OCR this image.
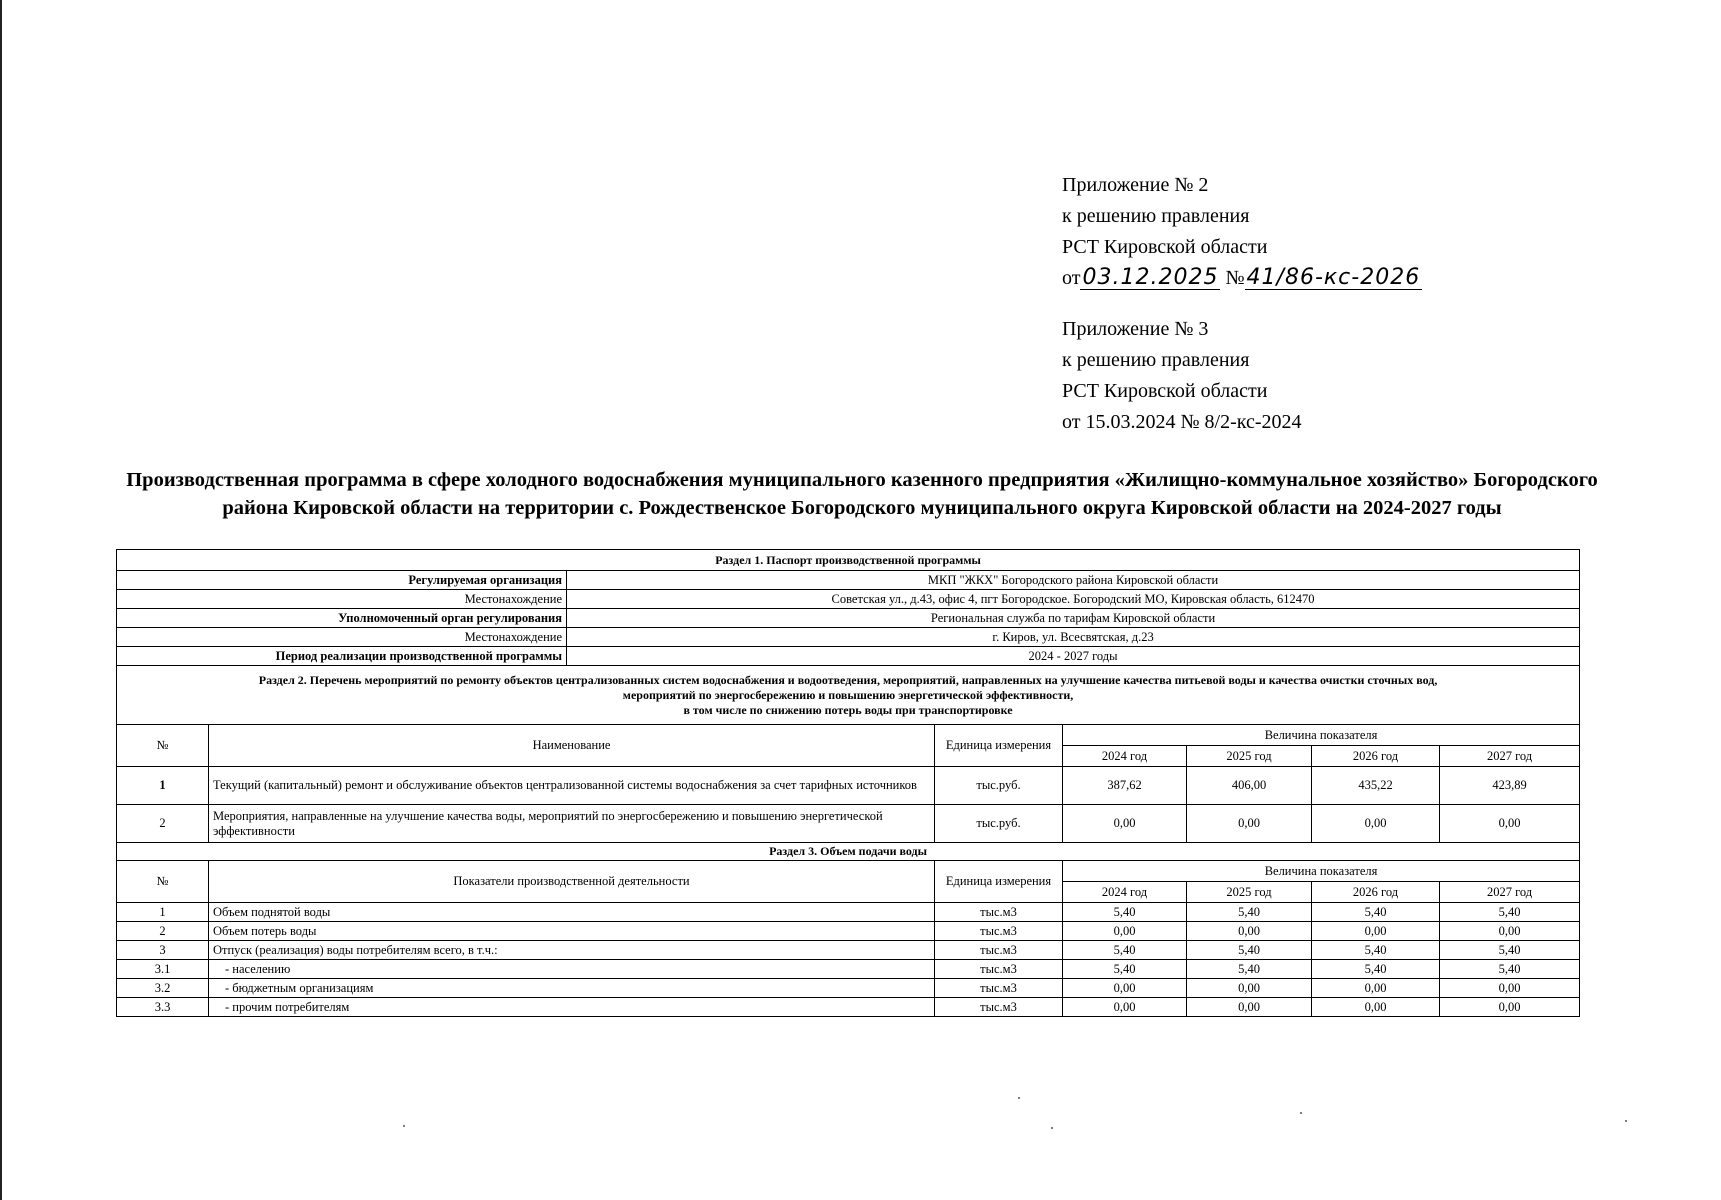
Приложение № 2
к решению правления
РСТ Кировской области
от03.12.2025 №41/86-кс-2026
Приложение № 3
к решению правления
РСТ Кировской области
от 15.03.2024 № 8/2-кс-2024
Производственная программа в сфере холодного водоснабжения муниципального казенного предприятия «Жилищно-коммунальное хозяйство» Богородского района Кировской области на территории с. Рождественское Богородского муниципального округа Кировской области на 2024-2027 годы
Раздел 1. Паспорт производственной программы							
Регулируемая организация		МКП "ЖКХ" Богородского района Кировской области					
Местонахождение		Советская ул., д.43, офис 4, пгт Богородское. Богородский МО, Кировская область, 612470					
Уполномоченный орган регулирования		Региональная служба по тарифам Кировской области					
Местонахождение		г. Киров, ул. Всесвятская, д.23					
Период реализации производственной программы		2024 - 2027 годы					

Раздел 2. Перечень мероприятий по ремонту объектов централизованных систем водоснабжения и водоотведения, мероприятий, направленных на улучшение качества питьевой воды и качества очистки сточных вод,
мероприятий по энергосбережению и повышению энергетической эффективности,
в том числе по снижению потерь воды при транспортировке							

№	Наименование		Единица измерения	Величина показателя			
				2024 год	2025 год	2026 год	2027 год
1	Текущий (капитальный) ремонт и обслуживание объектов централизованной системы водоснабжения за счет тарифных источников		тыс.руб.	387,62	406,00	435,22	423,89
2	Мероприятия, направленные на улучшение качества воды, мероприятий по энергосбережению и повышению энергетической эффективности		тыс.руб.	0,00	0,00	0,00	0,00
Раздел 3. Объем подачи воды							
№	Показатели производственной деятельности		Единица измерения	Величина показателя			
				2024 год	2025 год	2026 год	2027 год
1	Объем поднятой воды		тыс.м3	5,40	5,40	5,40	5,40
2	Объем потерь воды		тыс.м3	0,00	0,00	0,00	0,00
3	Отпуск (реализация) воды потребителям всего, в т.ч.:		тыс.м3	5,40	5,40	5,40	5,40
3.1	- населению		тыс.м3	5,40	5,40	5,40	5,40
3.2	- бюджетным организациям		тыс.м3	0,00	0,00	0,00	0,00
3.3	- прочим потребителям		тыс.м3	0,00	0,00	0,00	0,00
